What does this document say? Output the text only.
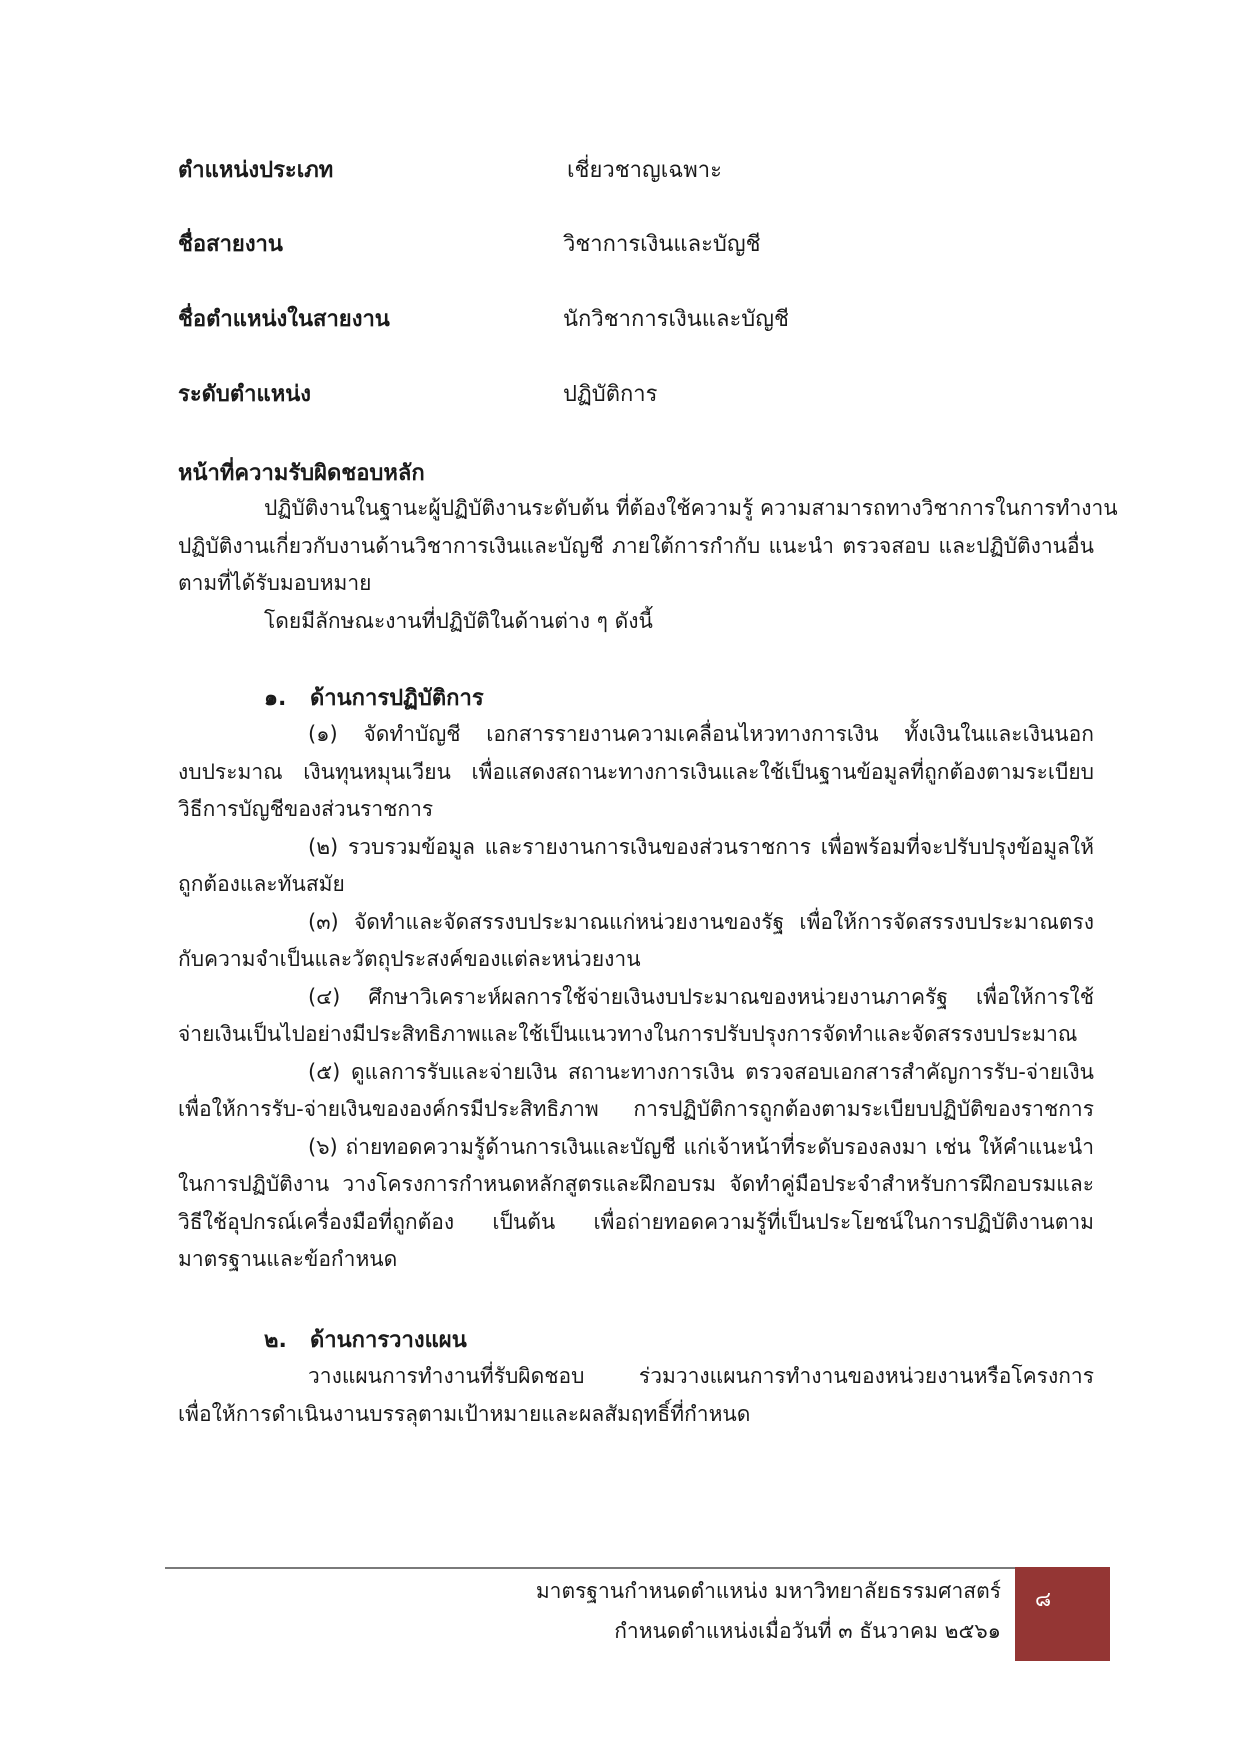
ตำแหน่งประเภท	เชี่ยวชาญเฉพาะ
ชื่อสายงาน	วิชาการเงินและบัญชี
ชื่อตำแหน่งในสายงาน	นักวิชาการเงินและบัญชี
ระดับตำแหน่ง	ปฏิบัติการ
หน้าที่ความรับผิดชอบหลัก
ปฏิบัติงานในฐานะผู้ปฏิบัติงานระดับต้น ที่ต้องใช้ความรู้ ความสามารถทางวิชาการในการทำงาน
ปฏิบัติงานเกี่ยวกับงานด้านวิชาการเงินและบัญชี ภายใต้การกำกับ แนะนำ ตรวจสอบ และปฏิบัติงานอื่น
ตามที่ได้รับมอบหมาย
โดยมีลักษณะงานที่ปฏิบัติในด้านต่าง ๆ ดังนี้
๑. ด้านการปฏิบัติการ
(๑) จัดทำบัญชี เอกสารรายงานความเคลื่อนไหวทางการเงิน ทั้งเงินในและเงินนอก
งบประมาณ เงินทุนหมุนเวียน เพื่อแสดงสถานะทางการเงินและใช้เป็นฐานข้อมูลที่ถูกต้องตามระเบียบ
วิธีการบัญชีของส่วนราชการ
(๒) รวบรวมข้อมูล และรายงานการเงินของส่วนราชการ เพื่อพร้อมที่จะปรับปรุงข้อมูลให้
ถูกต้องและทันสมัย
(๓) จัดทำและจัดสรรงบประมาณแก่หน่วยงานของรัฐ เพื่อให้การจัดสรรงบประมาณตรง
กับความจำเป็นและวัตถุประสงค์ของแต่ละหน่วยงาน
(๔) ศึกษาวิเคราะห์ผลการใช้จ่ายเงินงบประมาณของหน่วยงานภาครัฐ เพื่อให้การใช้
จ่ายเงินเป็นไปอย่างมีประสิทธิภาพและใช้เป็นแนวทางในการปรับปรุงการจัดทำและจัดสรรงบประมาณ
(๕) ดูแลการรับและจ่ายเงิน สถานะทางการเงิน ตรวจสอบเอกสารสำคัญการรับ-จ่ายเงิน
เพื่อให้การรับ-จ่ายเงินขององค์กรมีประสิทธิภาพ การปฏิบัติการถูกต้องตามระเบียบปฏิบัติของราชการ
(๖) ถ่ายทอดความรู้ด้านการเงินและบัญชี แก่เจ้าหน้าที่ระดับรองลงมา เช่น ให้คำแนะนำ
ในการปฏิบัติงาน วางโครงการกำหนดหลักสูตรและฝึกอบรม จัดทำคู่มือประจำสำหรับการฝึกอบรมและ
วิธีใช้อุปกรณ์เครื่องมือที่ถูกต้อง เป็นต้น เพื่อถ่ายทอดความรู้ที่เป็นประโยชน์ในการปฏิบัติงานตาม
มาตรฐานและข้อกำหนด
๒. ด้านการวางแผน
วางแผนการทำงานที่รับผิดชอบ ร่วมวางแผนการทำงานของหน่วยงานหรือโครงการ
เพื่อให้การดำเนินงานบรรลุตามเป้าหมายและผลสัมฤทธิ์ที่กำหนด
มาตรฐานกำหนดตำแหน่ง มหาวิทยาลัยธรรมศาสตร์
กำหนดตำแหน่งเมื่อวันที่ ๓ ธันวาคม ๒๕๖๑
๘
